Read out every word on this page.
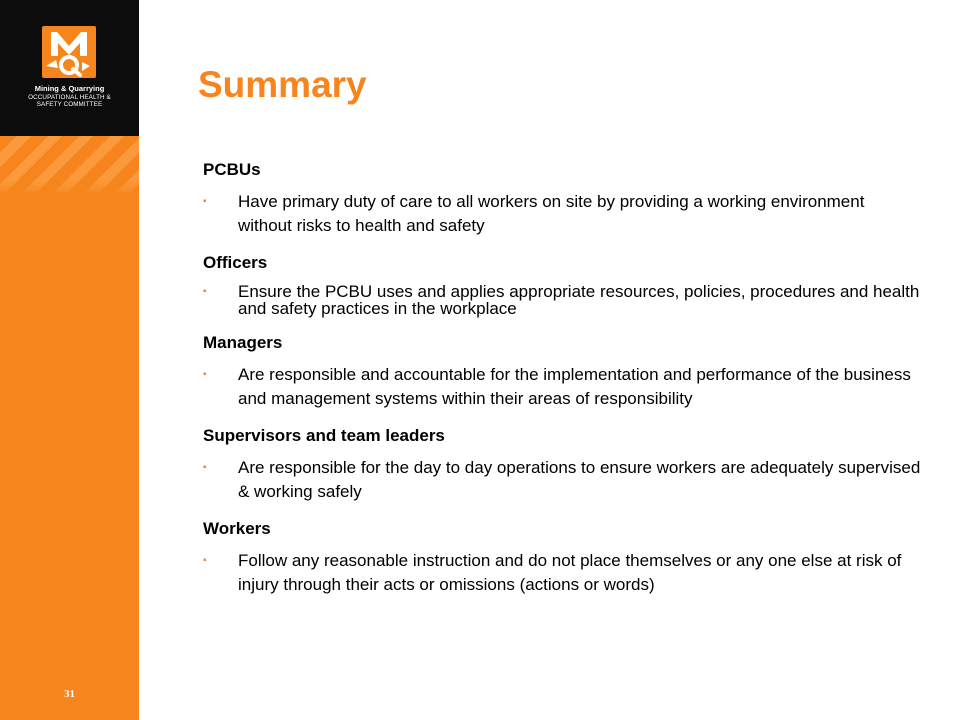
Mining & Quarrying
OCCUPATIONAL HEALTH &
SAFETY COMMITTEE
31
Summary
PCBUs

▪ Have primary duty of care to all workers on site by providing a working environment without risks to health and safety

Officers

▪ Ensure the PCBU uses and applies appropriate resources, policies, procedures and health and safety practices in the workplace

Managers

▪ Are responsible and accountable for the implementation and performance of the business and management systems within their areas of responsibility

Supervisors and team leaders

▪ Are responsible for the day to day operations to ensure workers are adequately supervised & working safely

Workers

▪ Follow any reasonable instruction and do not place themselves or any one else at risk of injury through their acts or omissions (actions or words)
